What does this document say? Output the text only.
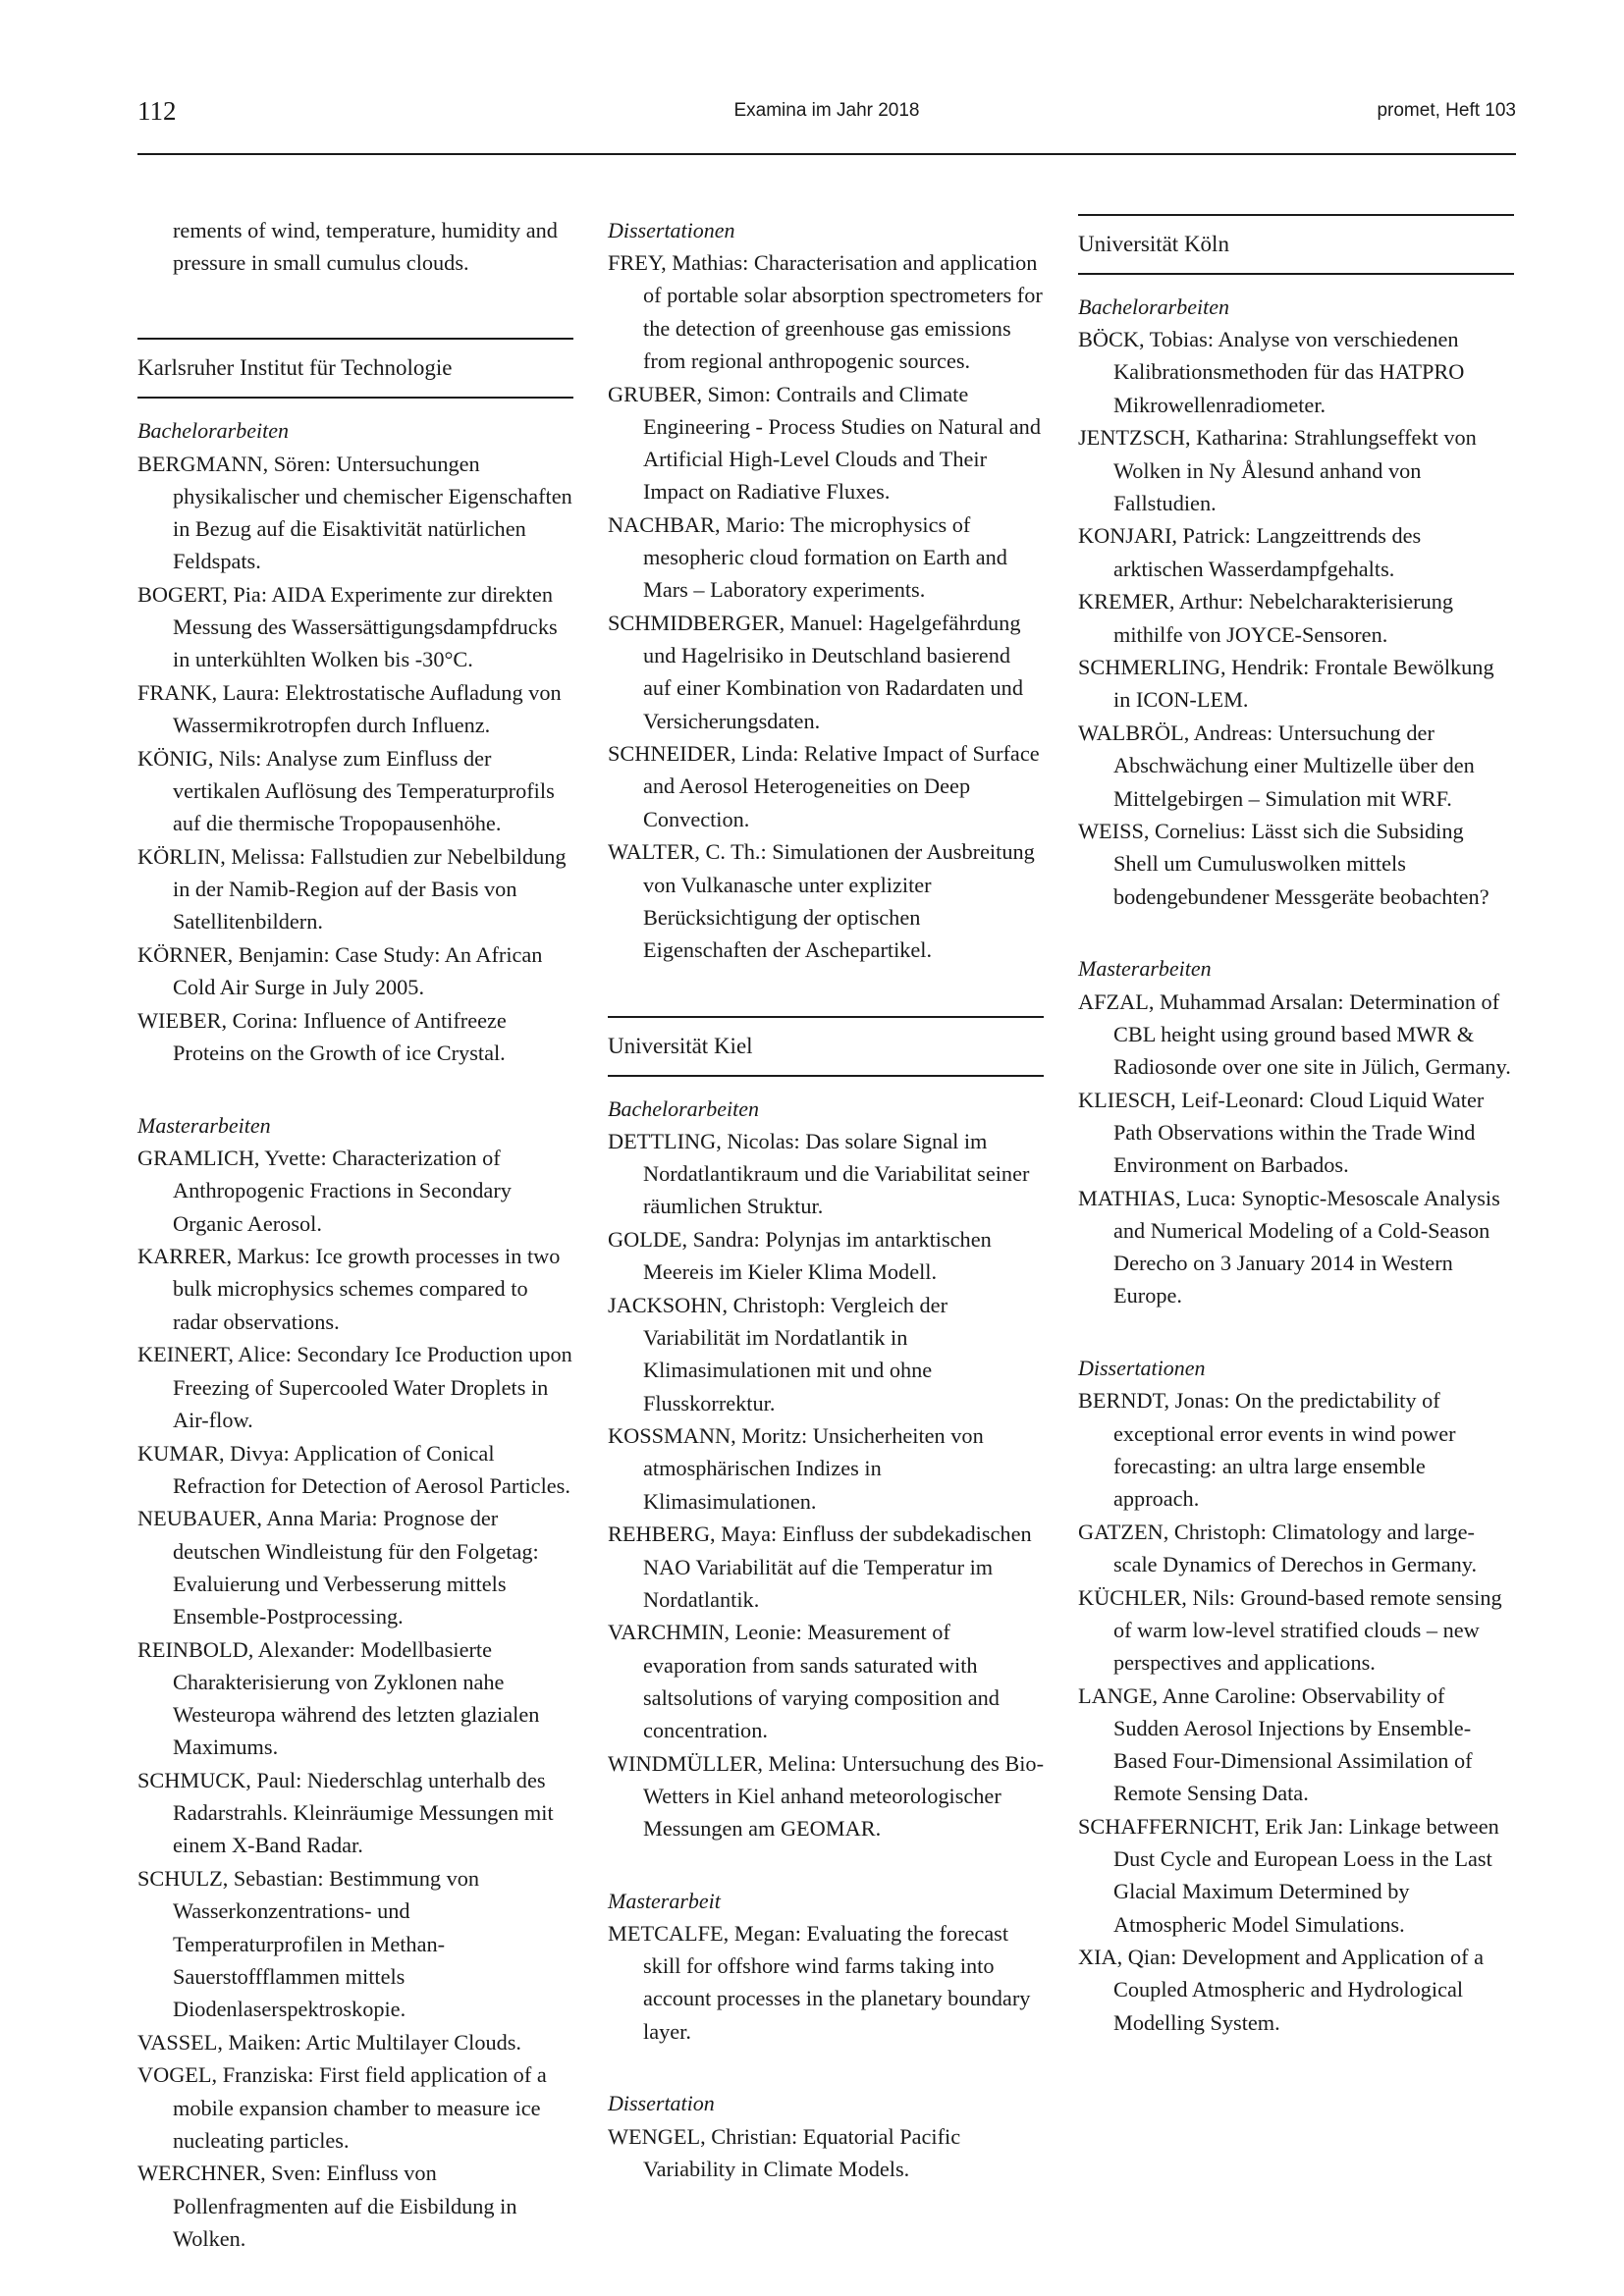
112	Examina im Jahr 2018	promet, Heft 103

rements of wind, temperature, humidity and pressure in small cumulus clouds.

Karlsruher Institut für Technologie

Bachelorarbeiten

BERGMANN, Sören: Untersuchungen physikalischer und chemischer Eigenschaften in Bezug auf die Eisaktivität natürlichen Feldspats.

BOGERT, Pia: AIDA Experimente zur direkten Messung des Wassersättigungsdampfdrucks in unterkühlten Wolken bis -30°C.

FRANK, Laura: Elektrostatische Aufladung von Wassermikrotropfen durch Influenz.

KÖNIG, Nils: Analyse zum Einfluss der vertikalen Auflösung des Temperaturprofils auf die thermische Tropopausenhöhe.

KÖRLIN, Melissa: Fallstudien zur Nebelbildung in der Namib-Region auf der Basis von Satellitenbildern.

KÖRNER, Benjamin: Case Study: An African Cold Air Surge in July 2005.

WIEBER, Corina: Influence of Antifreeze Proteins on the Growth of ice Crystal.

Masterarbeiten

GRAMLICH, Yvette: Characterization of Anthropogenic Fractions in Secondary Organic Aerosol.

KARRER, Markus: Ice growth processes in two bulk microphysics schemes compared to radar observations.

KEINERT, Alice: Secondary Ice Production upon Freezing of Supercooled Water Droplets in Air-flow.

KUMAR, Divya: Application of Conical Refraction for Detection of Aerosol Particles.

NEUBAUER, Anna Maria: Prognose der deutschen Windleistung für den Folgetag: Evaluierung und Verbesserung mittels Ensemble-Postprocessing.

REINBOLD, Alexander: Modellbasierte Charakterisierung von Zyklonen nahe Westeuropa während des letzten glazialen Maximums.

SCHMUCK, Paul: Niederschlag unterhalb des Radarstrahls. Kleinräumige Messungen mit einem X-Band Radar.

SCHULZ, Sebastian: Bestimmung von Wasserkonzentrations- und Temperaturprofilen in Methan-Sauerstoffflammen mittels Diodenlaserspektroskopie.

VASSEL, Maiken: Artic Multilayer Clouds.

VOGEL, Franziska: First field application of a mobile expansion chamber to measure ice nucleating particles.

WERCHNER, Sven: Einfluss von Pollenfragmenten auf die Eisbildung in Wolken.

Dissertationen

FREY, Mathias: Characterisation and application of portable solar absorption spectrometers for the detection of greenhouse gas emissions from regional anthropogenic sources.

GRUBER, Simon: Contrails and Climate Engineering - Process Studies on Natural and Artificial High-Level Clouds and Their Impact on Radiative Fluxes.

NACHBAR, Mario: The microphysics of mesopheric cloud formation on Earth and Mars – Laboratory experiments.

SCHMIDBERGER, Manuel: Hagelgefährdung und Hagelrisiko in Deutschland basierend auf einer Kombination von Radardaten und Versicherungsdaten.

SCHNEIDER, Linda: Relative Impact of Surface and Aerosol Heterogeneities on Deep Convection.

WALTER, C. Th.: Simulationen der Ausbreitung von Vulkanasche unter expliziter Berücksichtigung der optischen Eigenschaften der Aschepartikel.

Universität Kiel

Bachelorarbeiten

DETTLING, Nicolas: Das solare Signal im Nordatlantikraum und die Variabilitat seiner räumlichen Struktur.

GOLDE, Sandra: Polynjas im antarktischen Meereis im Kieler Klima Modell.

JACKSOHN, Christoph: Vergleich der Variabilität im Nordatlantik in Klimasimulationen mit und ohne Flusskorrektur.

KOSSMANN, Moritz: Unsicherheiten von atmosphärischen Indizes in Klimasimulationen.

REHBERG, Maya: Einfluss der subdekadischen NAO Variabilität auf die Temperatur im Nordatlantik.

VARCHMIN, Leonie: Measurement of evaporation from sands saturated with saltsolutions of varying composition and concentration.

WINDMÜLLER, Melina: Untersuchung des Bio-Wetters in Kiel anhand meteorologischer Messungen am GEOMAR.

Masterarbeit

METCALFE, Megan: Evaluating the forecast skill for offshore wind farms taking into account processes in the planetary boundary layer.

Dissertation

WENGEL, Christian: Equatorial Pacific Variability in Climate Models.

Universität Köln

Bachelorarbeiten

BÖCK, Tobias: Analyse von verschiedenen Kalibrationsmethoden für das HATPRO Mikrowellenradiometer.

JENTZSCH, Katharina: Strahlungseffekt von Wolken in Ny Ålesund anhand von Fallstudien.

KONJARI, Patrick: Langzeittrends des arktischen Wasserdampfgehalts.

KREMER, Arthur: Nebelcharakterisierung mithilfe von JOYCE-Sensoren.

SCHMERLING, Hendrik: Frontale Bewölkung in ICON-LEM.

WALBRÖL, Andreas: Untersuchung der Abschwächung einer Multizelle über den Mittelgebirgen – Simulation mit WRF.

WEISS, Cornelius: Lässt sich die Subsiding Shell um Cumuluswolken mittels bodengebundener Messgeräte beobachten?

Masterarbeiten

AFZAL, Muhammad Arsalan: Determination of CBL height using ground based MWR & Radiosonde over one site in Jülich, Germany.

KLIESCH, Leif-Leonard: Cloud Liquid Water Path Observations within the Trade Wind Environment on Barbados.

MATHIAS, Luca: Synoptic-Mesoscale Analysis and Numerical Modeling of a Cold-Season Derecho on 3 January 2014 in Western Europe.

Dissertationen

BERNDT, Jonas: On the predictability of exceptional error events in wind power forecasting: an ultra large ensemble approach.

GATZEN, Christoph: Climatology and large-scale Dynamics of Derechos in Germany.

KÜCHLER, Nils: Ground-based remote sensing of warm low-level stratified clouds – new perspectives and applications.

LANGE, Anne Caroline: Observability of Sudden Aerosol Injections by Ensemble-Based Four-Dimensional Assimilation of Remote Sensing Data.

SCHAFFERNICHT, Erik Jan: Linkage between Dust Cycle and European Loess in the Last Glacial Maximum Determined by Atmospheric Model Simulations.

XIA, Qian: Development and Application of a Coupled Atmospheric and Hydrological Modelling System.
